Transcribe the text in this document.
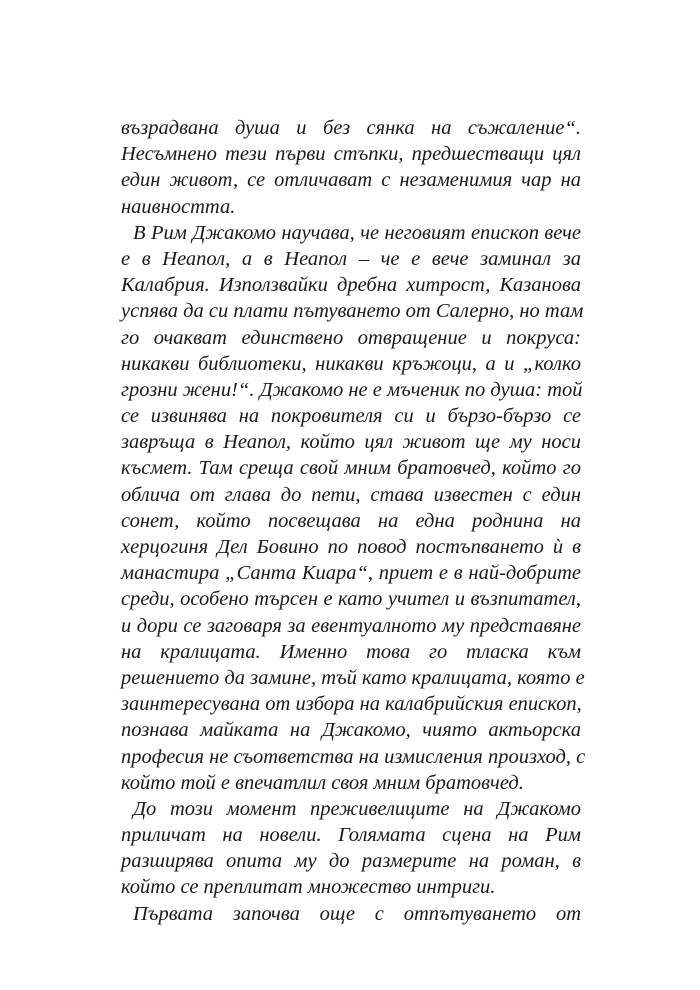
възрадвана душа и без сянка на съжаление“.
Несъмнено тези първи стъпки, предшестващи цял
един живот, се отличават с незаменимия чар на
наивността.
В Рим Джакомо научава, че неговият епископ вече
е в Неапол, а в Неапол – че е вече заминал за
Калабрия. Използвайки дребна хитрост, Казанова
успява да си плати пътуването от Салерно, но там
го очакват единствено отвращение и покруса:
никакви библиотеки, никакви кръжоци, а и „колко
грозни жени!“. Джакомо не е мъченик по душа: той
се извинява на покровителя си и бързо-бързо се
завръща в Неапол, който цял живот ще му носи
късмет. Там среща свой мним братовчед, който го
облича от глава до пети, става известен с един
сонет, който посвещава на една роднина на
херцогиня Дел Бовино по повод постъпването ѝ в
манастира „Санта Киара“, приет е в най-добрите
среди, особено търсен е като учител и възпитател,
и дори се заговаря за евентуалното му представяне
на кралицата. Именно това го тласка към
решението да замине, тъй като кралицата, която е
заинтересувана от избора на калабрийския епископ,
познава майката на Джакомо, чиято актьорска
професия не съответства на измисления произход, с
който той е впечатлил своя мним братовчед.
До този момент преживелиците на Джакомо
приличат на новели. Голямата сцена на Рим
разширява опита му до размерите на роман, в
който се преплитат множество интриги.
Първата започва още с отпътуването от
